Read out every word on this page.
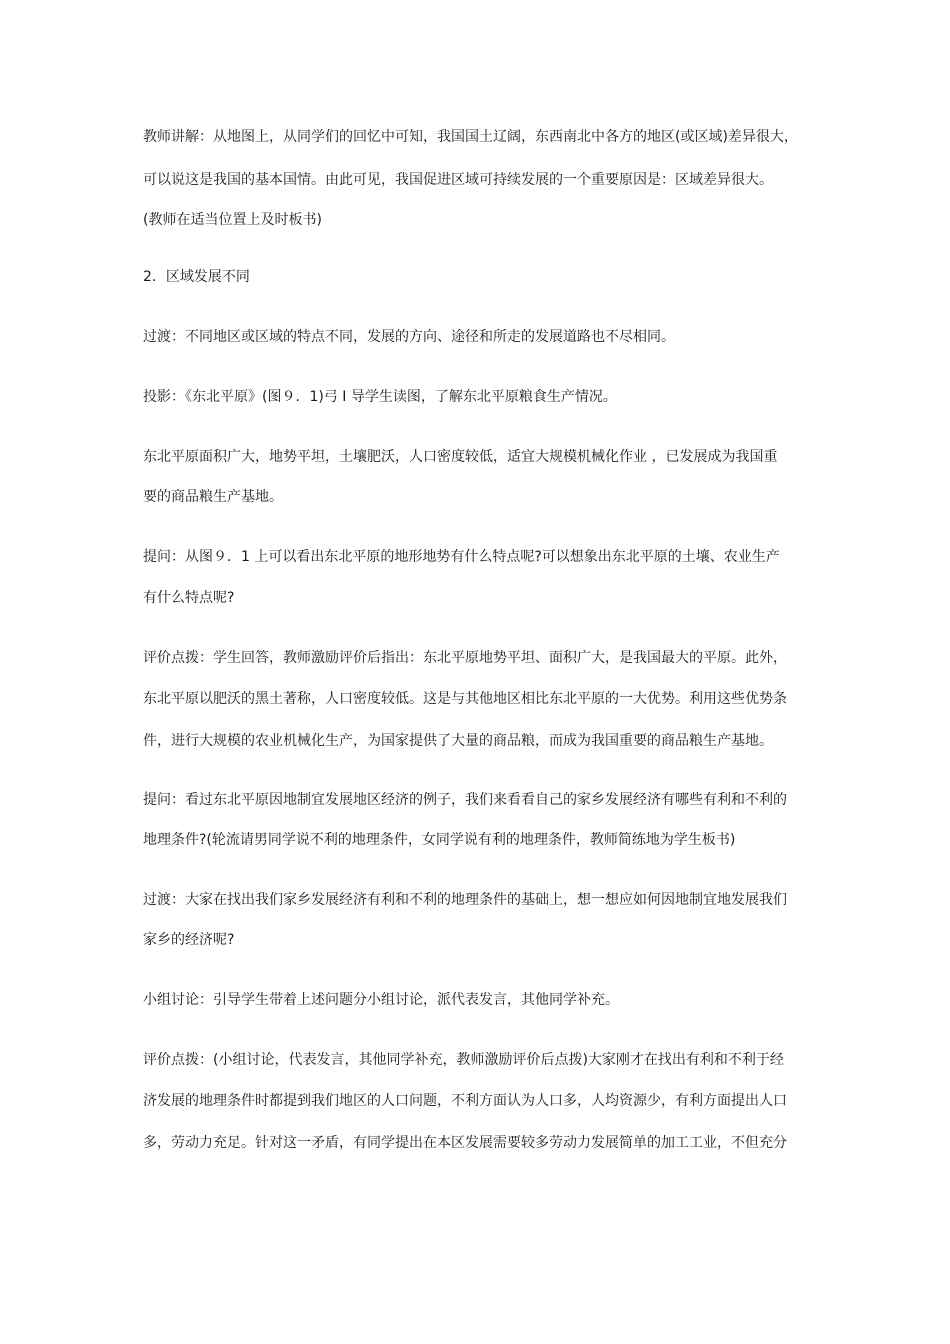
教师讲解：从地图上，从同学们的回忆中可知，我国国土辽阔，东西南北中各方的地区(或区域)差异很大，
可以说这是我国的基本国情。由此可见，我国促进区域可持续发展的一个重要原因是：区域差异很大。
(教师在适当位置上及时板书)
2．区域发展不同
过渡：不同地区或区域的特点不同，发展的方向、途径和所走的发展道路也不尽相同。
投影：《东北平原》(图９．1)弓 I 导学生读图，了解东北平原粮食生产情况。
东北平原面积广大，地势平坦，土壤肥沃，人口密度较低，适宜大规模机械化作业 ，已发展成为我国重
要的商品粮生产基地。
提问：从图９．1 上可以看出东北平原的地形地势有什么特点呢?可以想象出东北平原的土壤、农业生产
有什么特点呢?
评价点拨：学生回答，教师激励评价后指出：东北平原地势平坦、面积广大，是我国最大的平原。此外，
东北平原以肥沃的黑土著称，人口密度较低。这是与其他地区相比东北平原的一大优势。利用这些优势条
件，进行大规模的农业机械化生产，为国家提供了大量的商品粮，而成为我国重要的商品粮生产基地。
提问：看过东北平原因地制宜发展地区经济的例子，我们来看看自己的家乡发展经济有哪些有利和不利的
地理条件?(轮流请男同学说不利的地理条件，女同学说有利的地理条件，教师简练地为学生板书)
过渡：大家在找出我们家乡发展经济有利和不利的地理条件的基础上，想一想应如何因地制宜地发展我们
家乡的经济呢?
小组讨论：引导学生带着上述问题分小组讨论，派代表发言，其他同学补充。
评价点拨：(小组讨论，代表发言，其他同学补充，教师激励评价后点拨)大家刚才在找出有利和不利于经
济发展的地理条件时都提到我们地区的人口问题，不利方面认为人口多，人均资源少，有利方面提出人口
多，劳动力充足。针对这一矛盾，有同学提出在本区发展需要较多劳动力发展简单的加工工业，不但充分
